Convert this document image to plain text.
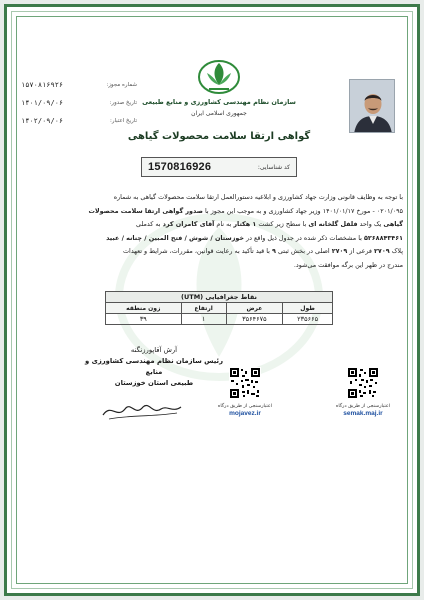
شماره مجوز:
۱۵۷۰۸۱۶۹۲۶
تاریخ صدور:
۱۴۰۱/۰۹/۰۶
تاریخ اعتبار:
۱۴۰۲/۰۹/۰۶
سازمان نظام مهندسی کشاورزی و منابع طبیعی
جمهوری اسلامی ایران
گواهی ارتقا سلامت محصولات گیاهی
کد شناسایی:
1570816926
با توجه به وظایف قانونی وزارت جهاد کشاورزی و ابلاغیه دستورالعمل ارتقا سلامت محصولات گیاهی به شماره
۰۲۰۱/۰۹۵ - مورخ ۱۴۰۱/۰۱/۱۷ وزیر جهاد کشاورزی و به موجب این مجوز با صدور گواهی ارتقا سلامت محصولات
گیاهی یک واحد فلفل گلخانه ای با سطح زیر کشت ۱ هکتار به نام آقای کامران کرد به کدملی
۵۲۶۸۸۴۳۴۶۱ با مشخصات ذکر شده در جدول ذیل واقع در خوزستان / شوش / فتح المبین / چنانه / عبید
پلاک ۲۷۰۹ فرعی از ۲۷۰۹ اصلی در بخش ثبتی ۹ با قید تأکید به رعایت قوانین، مقررات، شرایط و تعهدات
مندرج در ظهر این برگه موافقت می‌شود.
نقاط جغرافیایی (UTM)			
طول	عرض	ارتفاع	زون منطقه
۲۳۵۶۶۵	۳۵۶۴۶۷۵	۱	۳۹
آرش آقاپورزنگنه
رئیس سازمان نظام مهندسی کشاورزی و منابع
طبیعی استان خوزستان
اعتبارسنجی از طریق درگاه
mojavez.ir
اعتبارسنجی از طریق درگاه
semak.maj.ir
